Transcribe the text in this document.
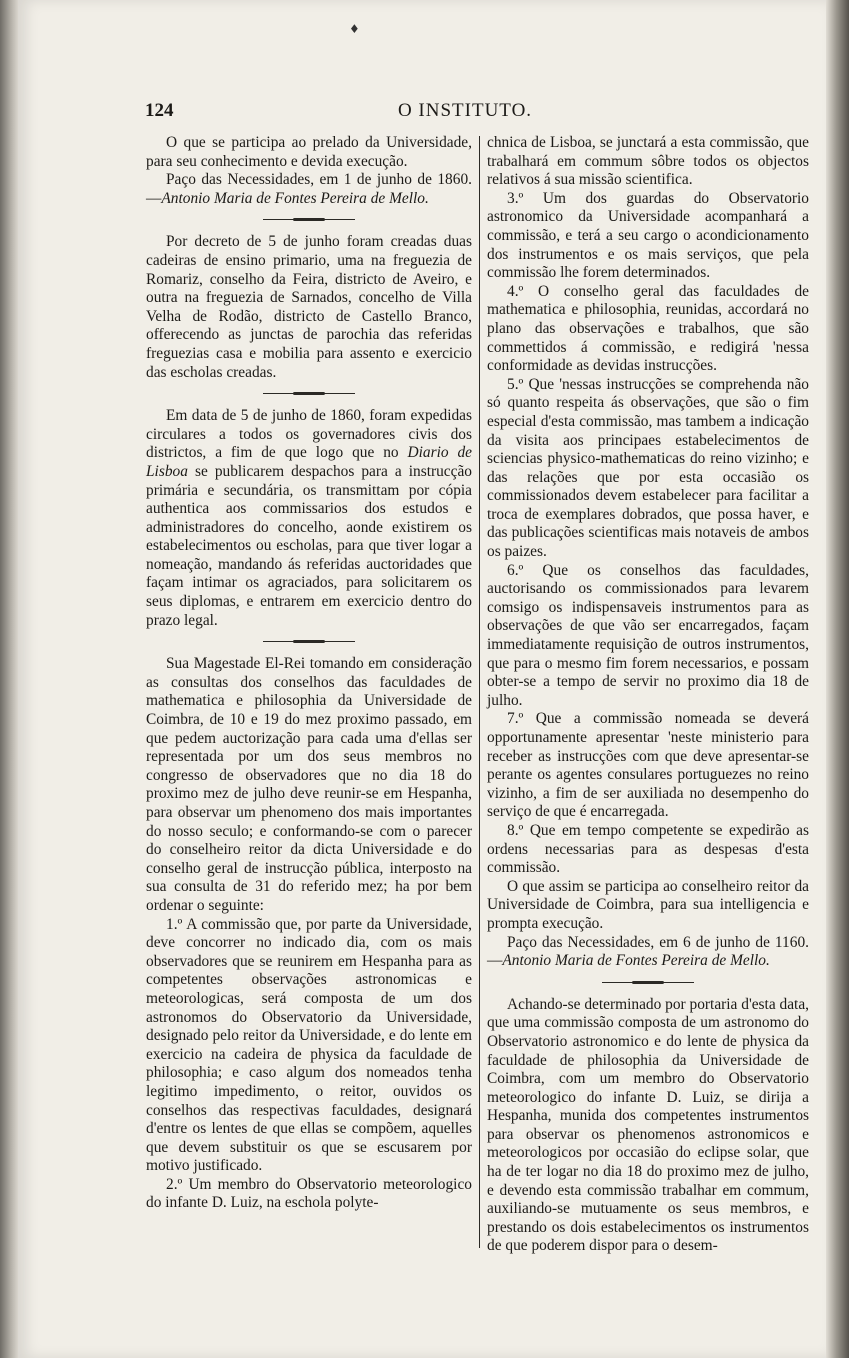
♦
124	O INSTITUTO.

O que se participa ao prelado da Universidade, para seu conhecimento e devida execução.

Paço das Necessidades, em 1 de junho de 1860.—Antonio Maria de Fontes Pereira de Mello.

Por decreto de 5 de junho foram creadas duas cadeiras de ensino primario, uma na freguezia de Romariz, conselho da Feira, districto de Aveiro, e outra na freguezia de Sarnados, concelho de Villa Velha de Rodão, districto de Castello Branco, offerecendo as junctas de parochia das referidas freguezias casa e mobilia para assento e exercicio das escholas creadas.

Em data de 5 de junho de 1860, foram expedidas circulares a todos os governadores civis dos districtos, a fim de que logo que no Diario de Lisboa se publicarem despachos para a instrucção primária e secundária, os transmittam por cópia authentica aos commissarios dos estudos e administradores do concelho, aonde existirem os estabelecimentos ou escholas, para que tiver logar a nomeação, mandando ás referidas auctoridades que façam intimar os agraciados, para solicitarem os seus diplomas, e entrarem em exercicio dentro do prazo legal.

Sua Magestade El-Rei tomando em consideração as consultas dos conselhos das faculdades de mathematica e philosophia da Universidade de Coimbra, de 10 e 19 do mez proximo passado, em que pedem auctorização para cada uma d'ellas ser representada por um dos seus membros no congresso de observadores que no dia 18 do proximo mez de julho deve reunir-se em Hespanha, para observar um phenomeno dos mais importantes do nosso seculo; e conformando-se com o parecer do conselheiro reitor da dicta Universidade e do conselho geral de instrucção pública, interposto na sua consulta de 31 do referido mez; ha por bem ordenar o seguinte:

1.º A commissão que, por parte da Universidade, deve concorrer no indicado dia, com os mais observadores que se reunirem em Hespanha para as competentes observações astronomicas e meteorologicas, será composta de um dos astronomos do Observatorio da Universidade, designado pelo reitor da Universidade, e do lente em exercicio na cadeira de physica da faculdade de philosophia; e caso algum dos nomeados tenha legitimo impedimento, o reitor, ouvidos os conselhos das respectivas faculdades, designará d'entre os lentes de que ellas se compõem, aquelles que devem substituir os que se escusarem por motivo justificado.

2.º Um membro do Observatorio meteorologico do infante D. Luiz, na eschola polyte-

chnica de Lisboa, se junctará a esta commissão, que trabalhará em commum sôbre todos os objectos relativos á sua missão scientifica.

3.º Um dos guardas do Observatorio astronomico da Universidade acompanhará a commissão, e terá a seu cargo o acondicionamento dos instrumentos e os mais serviços, que pela commissão lhe forem determinados.

4.º O conselho geral das faculdades de mathematica e philosophia, reunidas, accordará no plano das observações e trabalhos, que são commettidos á commissão, e redigirá 'nessa conformidade as devidas instrucções.

5.º Que 'nessas instrucções se comprehenda não só quanto respeita ás observações, que são o fim especial d'esta commissão, mas tambem a indicação da visita aos principaes estabelecimentos de sciencias physico-mathematicas do reino vizinho; e das relações que por esta occasião os commissionados devem estabelecer para facilitar a troca de exemplares dobrados, que possa haver, e das publicações scientificas mais notaveis de ambos os paizes.

6.º Que os conselhos das faculdades, auctorisando os commissionados para levarem comsigo os indispensaveis instrumentos para as observações de que vão ser encarregados, façam immediatamente requisição de outros instrumentos, que para o mesmo fim forem necessarios, e possam obter-se a tempo de servir no proximo dia 18 de julho.

7.º Que a commissão nomeada se deverá opportunamente apresentar 'neste ministerio para receber as instrucções com que deve apresentar-se perante os agentes consulares portuguezes no reino vizinho, a fim de ser auxiliada no desempenho do serviço de que é encarregada.

8.º Que em tempo competente se expedirão as ordens necessarias para as despesas d'esta commissão.

O que assim se participa ao conselheiro reitor da Universidade de Coimbra, para sua intelligencia e prompta execução.

Paço das Necessidades, em 6 de junho de 1160.—Antonio Maria de Fontes Pereira de Mello.

Achando-se determinado por portaria d'esta data, que uma commissão composta de um astronomo do Observatorio astronomico e do lente de physica da faculdade de philosophia da Universidade de Coimbra, com um membro do Observatorio meteorologico do infante D. Luiz, se dirija a Hespanha, munida dos competentes instrumentos para observar os phenomenos astronomicos e meteorologicos por occasião do eclipse solar, que ha de ter logar no dia 18 do proximo mez de julho, e devendo esta commissão trabalhar em commum, auxiliando-se mutuamente os seus membros, e prestando os dois estabelecimentos os instrumentos de que poderem dispor para o desem-
